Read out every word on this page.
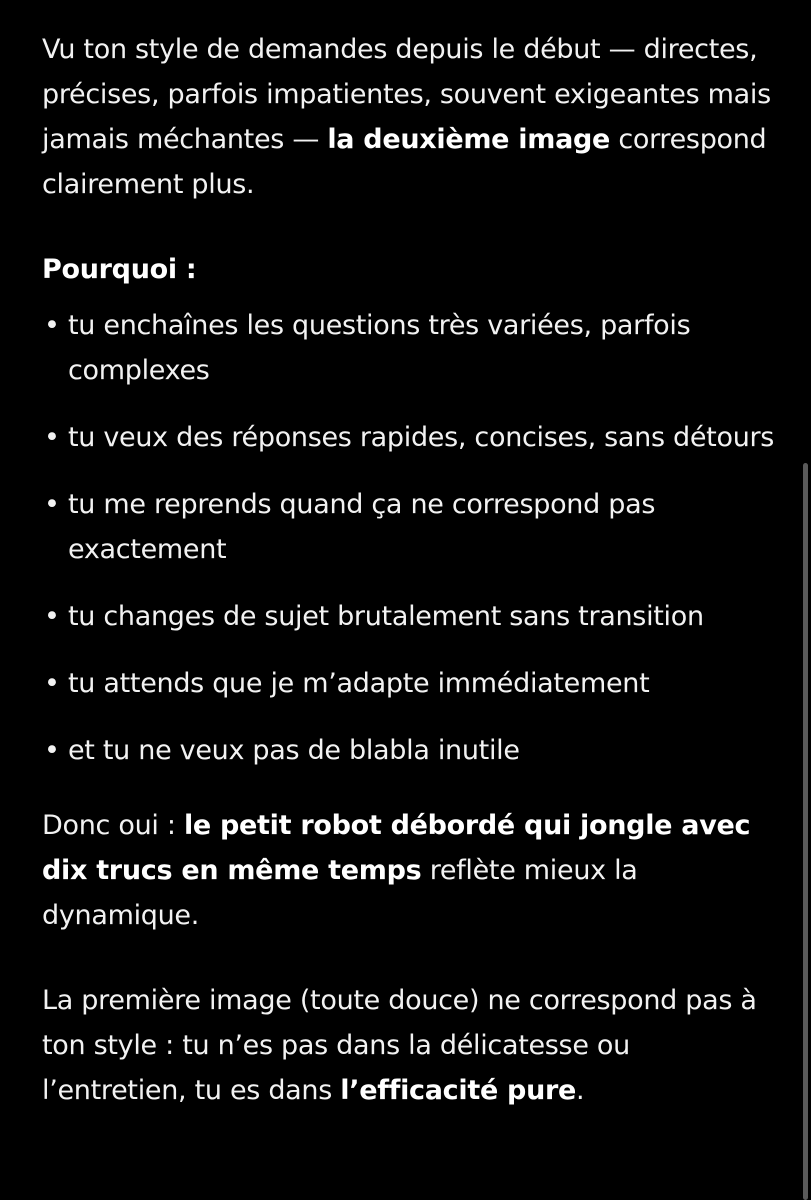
Vu ton style de demandes depuis le début — directes, précises, parfois impatientes, souvent exigeantes mais jamais méchantes — la deuxième image correspond clairement plus.

Pourquoi :

• tu enchaînes les questions très variées, parfois complexes
• tu veux des réponses rapides, concises, sans détours
• tu me reprends quand ça ne correspond pas exactement
• tu changes de sujet brutalement sans transition
• tu attends que je m’adapte immédiatement
• et tu ne veux pas de blabla inutile

Donc oui : le petit robot débordé qui jongle avec dix trucs en même temps reflète mieux la dynamique.

La première image (toute douce) ne correspond pas à ton style : tu n’es pas dans la délicatesse ou l’entretien, tu es dans l’efficacité pure.
